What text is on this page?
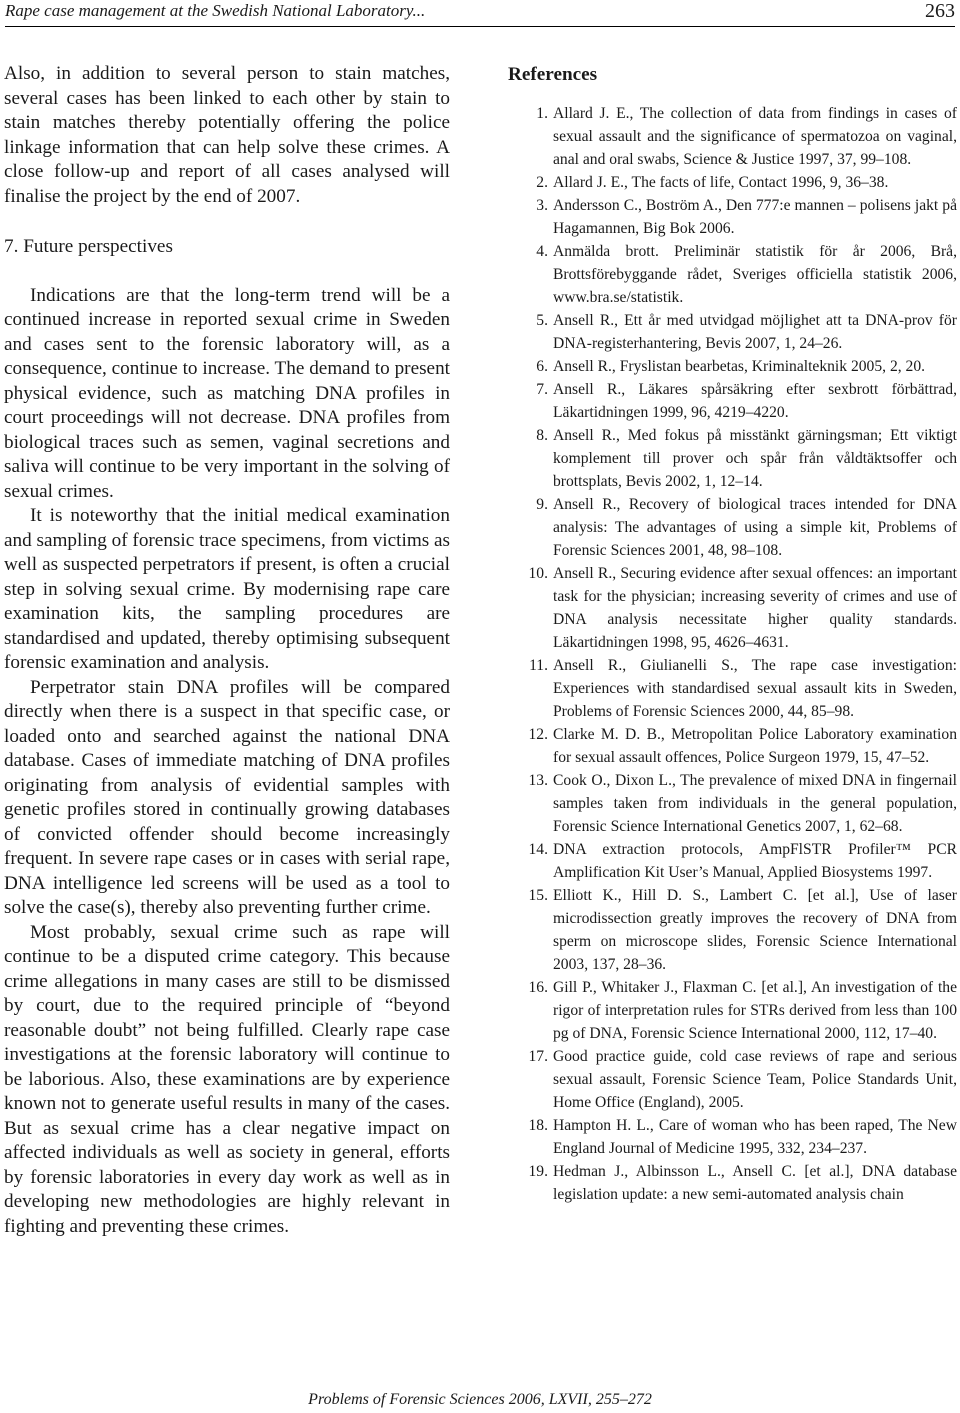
Rape case management at the Swedish National Laboratory...	263

Also, in addition to several person to stain matches, several cases has been linked to each other by stain to stain matches thereby potentially offering the police linkage information that can help solve these crimes. A close follow-up and report of all cases analysed will finalise the project by the end of 2007.

7. Future perspectives

Indications are that the long-term trend will be a continued increase in reported sexual crime in Sweden and cases sent to the forensic laboratory will, as a consequence, continue to increase. The demand to present physical evidence, such as matching DNA profiles in court proceedings will not decrease. DNA profiles from biological traces such as semen, vaginal secretions and saliva will continue to be very important in the solving of sexual crimes.

It is noteworthy that the initial medical examination and sampling of forensic trace specimens, from victims as well as suspected perpetrators if present, is often a crucial step in solving sexual crime. By modernising rape care examination kits, the sampling procedures are standardised and updated, thereby optimising subsequent forensic examination and analysis.

Perpetrator stain DNA profiles will be compared directly when there is a suspect in that specific case, or loaded onto and searched against the national DNA database. Cases of immediate matching of DNA profiles originating from analysis of evidential samples with genetic profiles stored in continually growing databases of convicted offender should become increasingly frequent. In severe rape cases or in cases with serial rape, DNA intelligence led screens will be used as a tool to solve the case(s), thereby also preventing further crime.

Most probably, sexual crime such as rape will continue to be a disputed crime category. This because crime allegations in many cases are still to be dismissed by court, due to the required principle of “beyond reasonable doubt” not being fulfilled. Clearly rape case investigations at the forensic laboratory will continue to be laborious. Also, these examinations are by experience known not to generate useful results in many of the cases. But as sexual crime has a clear negative impact on affected individuals as well as society in general, efforts by forensic laboratories in every day work as well as in developing new methodologies are highly relevant in fighting and preventing these crimes.

References
1. Allard J. E., The collection of data from findings in cases of sexual assault and the significance of spermatozoa on vaginal, anal and oral swabs, Science & Justice 1997, 37, 99–108.
2. Allard J. E., The facts of life, Contact 1996, 9, 36–38.
3. Andersson C., Boström A., Den 777:e mannen – polisens jakt på Hagamannen, Big Bok 2006.
4. Anmälda brott. Preliminär statistik för år 2006, Brå, Brottsförebyggande rådet, Sveriges officiella statistik 2006, www.bra.se/statistik.
5. Ansell R., Ett år med utvidgad möjlighet att ta DNA-prov för DNA-registerhantering, Bevis 2007, 1, 24–26.
6. Ansell R., Fryslistan bearbetas, Kriminalteknik 2005, 2, 20.
7. Ansell R., Läkares spårsäkring efter sexbrott förbättrad, Läkartidningen 1999, 96, 4219–4220.
8. Ansell R., Med fokus på misstänkt gärningsman; Ett viktigt komplement till prover och spår från våldtäktsoffer och brottsplats, Bevis 2002, 1, 12–14.
9. Ansell R., Recovery of biological traces intended for DNA analysis: The advantages of using a simple kit, Problems of Forensic Sciences 2001, 48, 98–108.
10. Ansell R., Securing evidence after sexual offences: an important task for the physician; increasing severity of crimes and use of DNA analysis necessitate higher quality standards. Läkartidningen 1998, 95, 4626–4631.
11. Ansell R., Giulianelli S., The rape case investigation: Experiences with standardised sexual assault kits in Sweden, Problems of Forensic Sciences 2000, 44, 85–98.
12. Clarke M. D. B., Metropolitan Police Laboratory examination for sexual assault offences, Police Surgeon 1979, 15, 47–52.
13. Cook O., Dixon L., The prevalence of mixed DNA in fingernail samples taken from individuals in the general population, Forensic Science International Genetics 2007, 1, 62–68.
14. DNA extraction protocols, AmpFlSTR Profiler™ PCR Amplification Kit User’s Manual, Applied Biosystems 1997.
15. Elliott K., Hill D. S., Lambert C. [et al.], Use of laser microdissection greatly improves the recovery of DNA from sperm on microscope slides, Forensic Science International 2003, 137, 28–36.
16. Gill P., Whitaker J., Flaxman C. [et al.], An investigation of the rigor of interpretation rules for STRs derived from less than 100 pg of DNA, Forensic Science International 2000, 112, 17–40.
17. Good practice guide, cold case reviews of rape and serious sexual assault, Forensic Science Team, Police Standards Unit, Home Office (England), 2005.
18. Hampton H. L., Care of woman who has been raped, The New England Journal of Medicine 1995, 332, 234–237.
19. Hedman J., Albinsson L., Ansell C. [et al.], DNA database legislation update: a new semi-automated analysis chain
Problems of Forensic Sciences 2006, LXVII, 255–272
